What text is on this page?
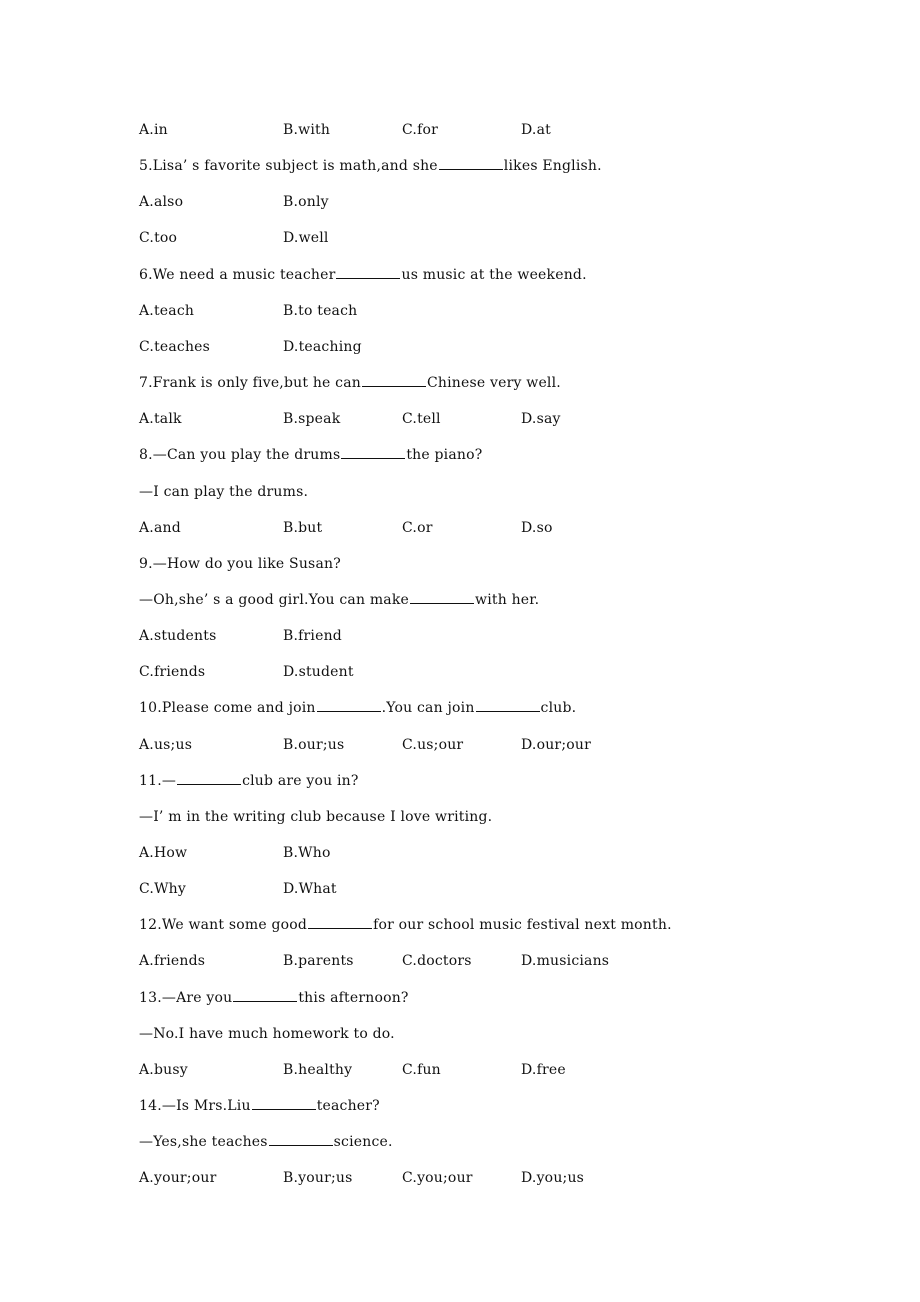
A.in	B.with	C.for	D.at
5.Lisa’ s favorite subject is math,and she	likes English.
A.also	B.only
C.too	D.well
6.We need a music teacher	us music at the weekend.
A.teach	B.to teach
C.teaches	D.teaching
7.Frank is only five,but he can	Chinese very well.
A.talk	B.speak	C.tell	D.say
8.—Can you play the drums	the piano?
—I can play the drums.
A.and	B.but	C.or	D.so
9.—How do you like Susan?
—Oh,she’ s a good girl.You can make	with her.
A.students	B.friend
C.friends	D.student
10.Please come and join	.You can join	club.
A.us;us	B.our;us	C.us;our	D.our;our
11.—	club are you in?
—I’ m in the writing club because I love writing.
A.How	B.Who
C.Why	D.What
12.We want some good	for our school music festival next month.
A.friends	B.parents	C.doctors	D.musicians
13.—Are you	this afternoon?
—No.I have much homework to do.
A.busy	B.healthy	C.fun	D.free
14.—Is Mrs.Liu	teacher?
—Yes,she teaches	science.
A.your;our	B.your;us	C.you;our	D.you;us
